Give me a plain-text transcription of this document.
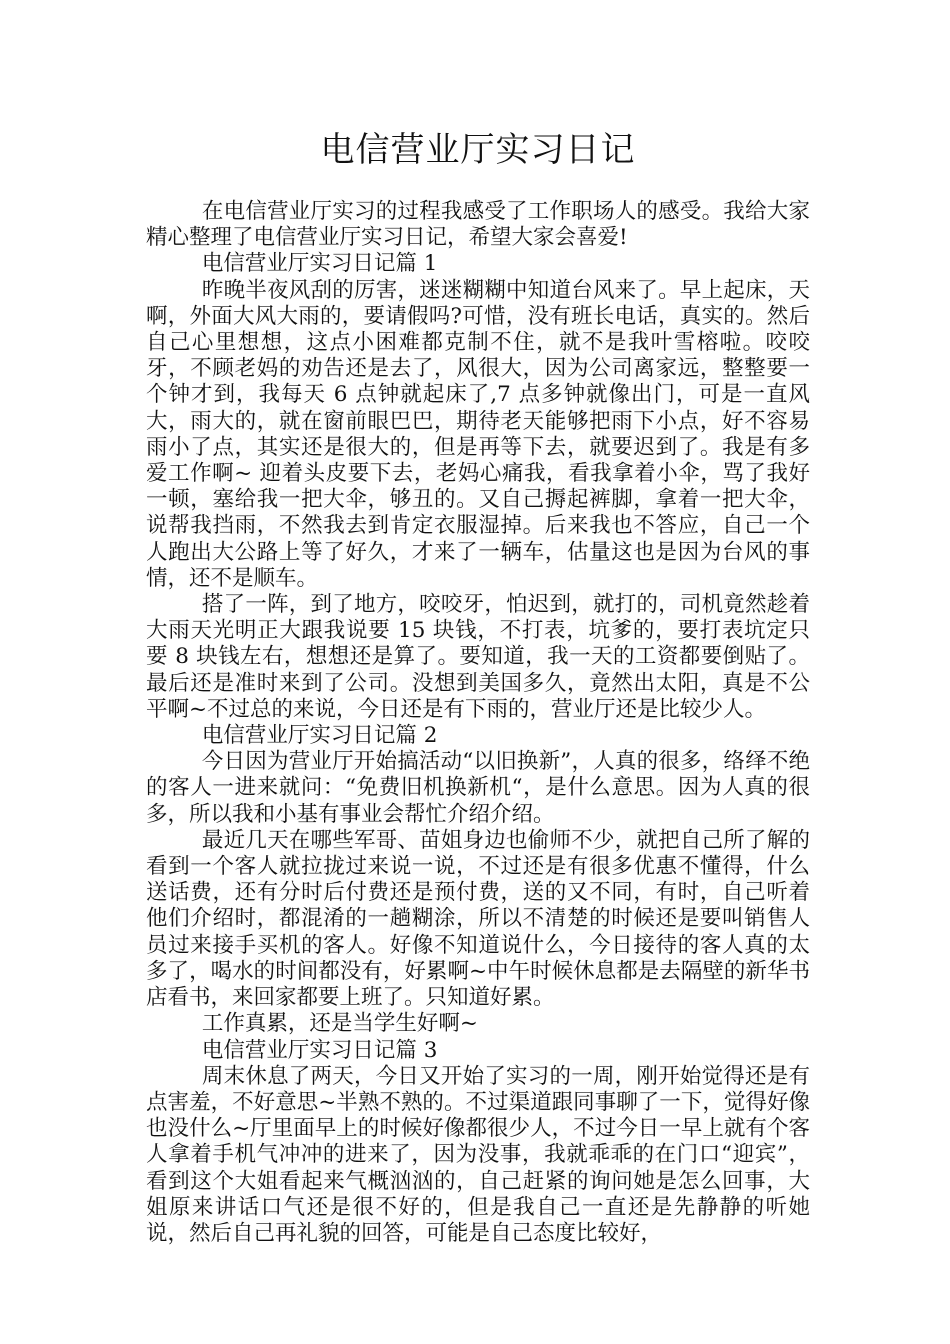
电信营业厅实习日记

在电信营业厅实习的过程我感受了工作职场人的感受。我给大家精心整理了电信营业厅实习日记，希望大家会喜爱!

电信营业厅实习日记篇 1

昨晚半夜风刮的厉害，迷迷糊糊中知道台风来了。早上起床，天啊，外面大风大雨的，要请假吗?可惜，没有班长电话，真实的。然后自己心里想想，这点小困难都克制不住，就不是我叶雪榕啦。咬咬牙，不顾老妈的劝告还是去了，风很大，因为公司离家远，整整要一个钟才到，我每天 6 点钟就起床了,7 点多钟就像出门，可是一直风大，雨大的，就在窗前眼巴巴，期待老天能够把雨下小点，好不容易雨小了点，其实还是很大的，但是再等下去，就要迟到了。我是有多爱工作啊~ 迎着头皮要下去，老妈心痛我，看我拿着小伞，骂了我好一顿，塞给我一把大伞，够丑的。又自己搙起裤脚，拿着一把大伞，说帮我挡雨，不然我去到肯定衣服湿掉。后来我也不答应，自己一个人跑出大公路上等了好久，才来了一辆车，估量这也是因为台风的事情，还不是顺车。

搭了一阵，到了地方，咬咬牙，怕迟到，就打的，司机竟然趁着大雨天光明正大跟我说要 15 块钱，不打表，坑爹的，要打表坑定只要 8 块钱左右，想想还是算了。要知道，我一天的工资都要倒贴了。最后还是准时来到了公司。没想到美国多久，竟然出太阳，真是不公平啊~不过总的来说，今日还是有下雨的，营业厅还是比较少人。

电信营业厅实习日记篇 2

今日因为营业厅开始搞活动“以旧换新”，人真的很多，络绎不绝的客人一进来就问：“免费旧机换新机“，是什么意思。因为人真的很多，所以我和小基有事业会帮忙介绍介绍。

最近几天在哪些军哥、苗姐身边也偷师不少，就把自己所了解的看到一个客人就拉拢过来说一说，不过还是有很多优惠不懂得，什么送话费，还有分时后付费还是预付费，送的又不同，有时，自己听着他们介绍时，都混淆的一趟糊涂，所以不清楚的时候还是要叫销售人员过来接手买机的客人。好像不知道说什么，今日接待的客人真的太多了，喝水的时间都没有，好累啊~中午时候休息都是去隔壁的新华书店看书，来回家都要上班了。只知道好累。

工作真累，还是当学生好啊~

电信营业厅实习日记篇 3

周末休息了两天，今日又开始了实习的一周，刚开始觉得还是有点害羞，不好意思~半熟不熟的。不过渠道跟同事聊了一下，觉得好像也没什么~厅里面早上的时候好像都很少人，不过今日一早上就有个客人拿着手机气冲冲的进来了，因为没事，我就乖乖的在门口“迎宾”，看到这个大姐看起来气概汹汹的，自己赶紧的询问她是怎么回事，大姐原来讲话口气还是很不好的，但是我自己一直还是先静静的听她说，然后自己再礼貌的回答，可能是自己态度比较好，
